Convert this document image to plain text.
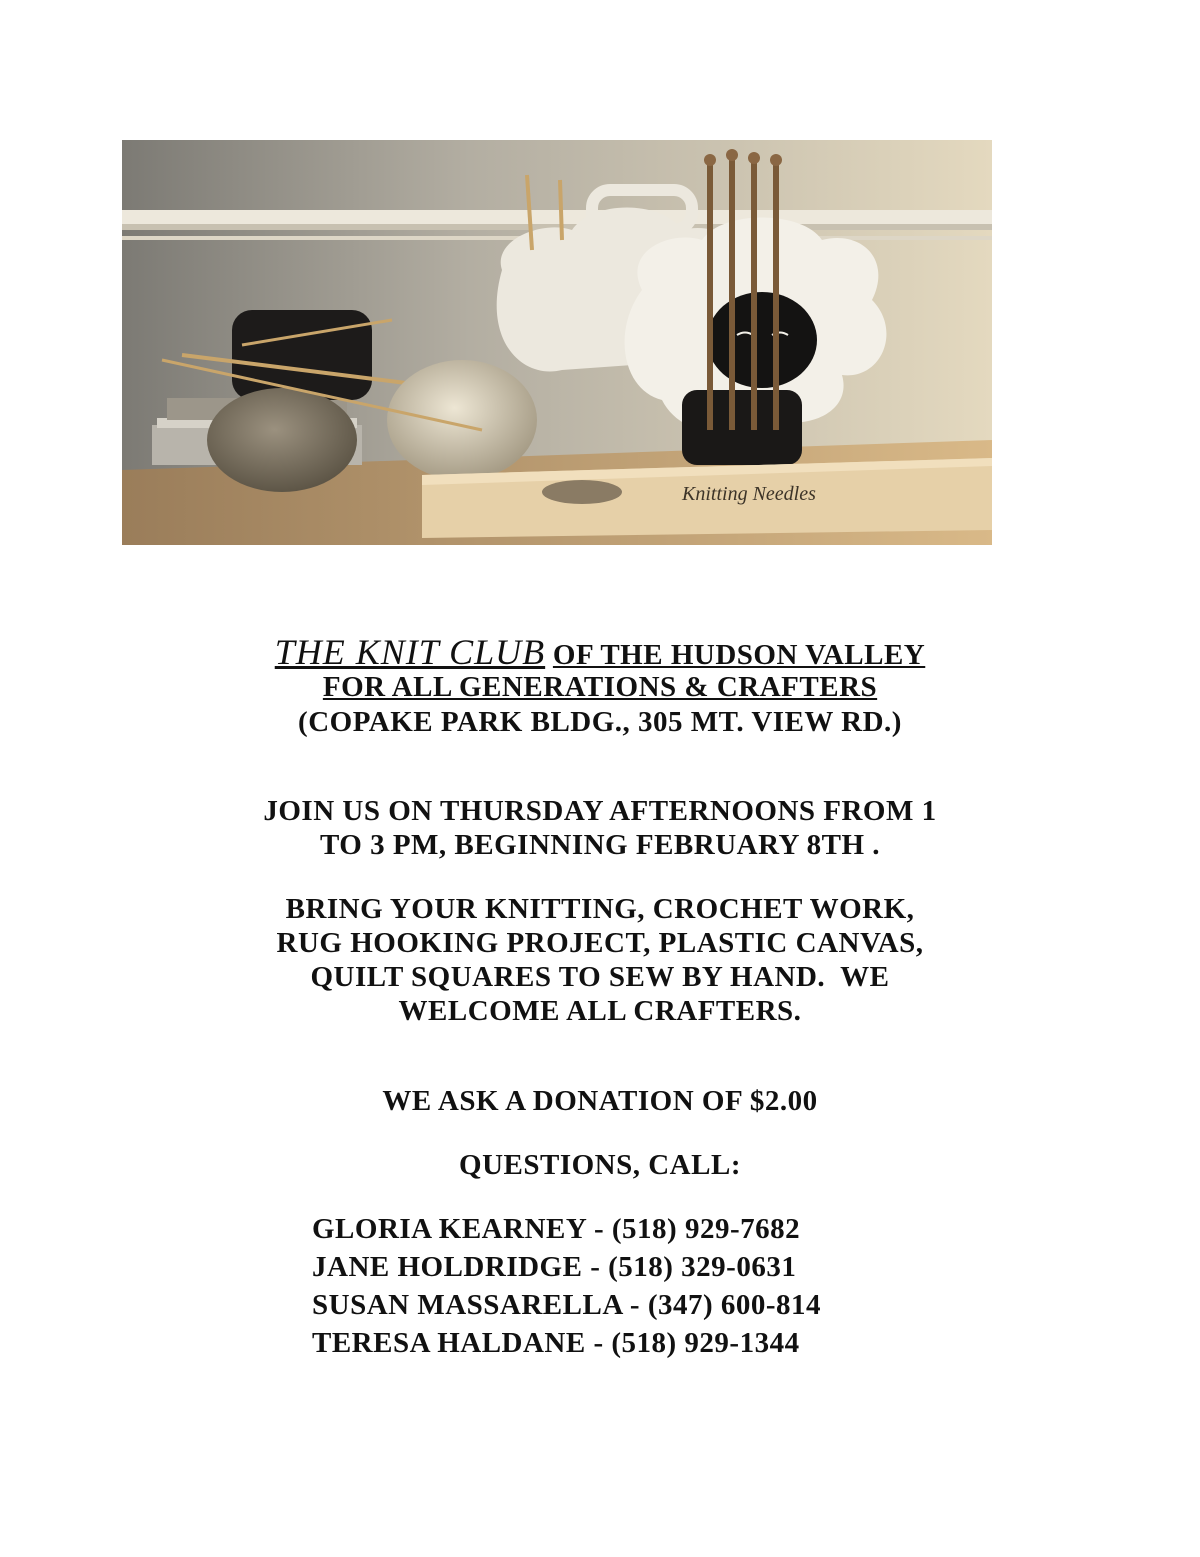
Knitting Needles
THE KNIT CLUB OF THE HUDSON VALLEY
FOR ALL GENERATIONS & CRAFTERS
(COPAKE PARK BLDG., 305 MT. VIEW RD.)
JOIN US ON THURSDAY AFTERNOONS FROM 1
TO 3 PM, BEGINNING FEBRUARY 8TH .
BRING YOUR KNITTING, CROCHET WORK,
RUG HOOKING PROJECT, PLASTIC CANVAS,
QUILT SQUARES TO SEW BY HAND.  WE
WELCOME ALL CRAFTERS.
WE ASK A DONATION OF $2.00
QUESTIONS, CALL:
GLORIA KEARNEY - (518) 929-7682
JANE HOLDRIDGE - (518) 329-0631
SUSAN MASSARELLA - (347) 600-814
TERESA HALDANE - (518) 929-1344
